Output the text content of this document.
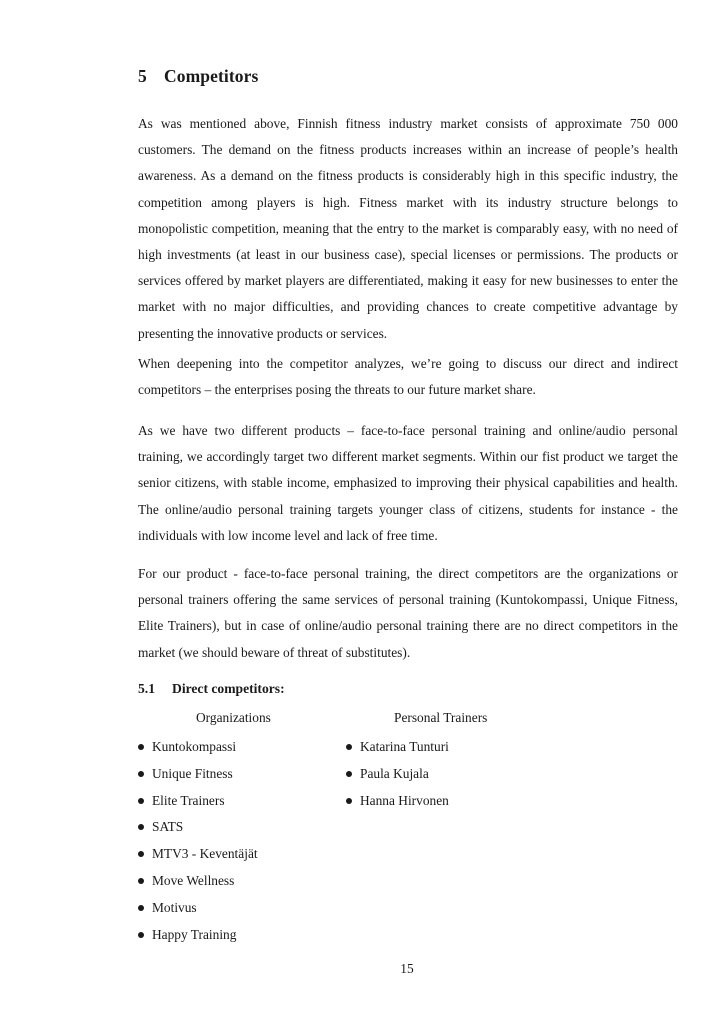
5 Competitors

As was mentioned above, Finnish fitness industry market consists of approximate 750 000 customers. The demand on the fitness products increases within an increase of people’s health awareness. As a demand on the fitness products is considerably high in this specific industry, the competition among players is high. Fitness market with its industry structure belongs to monopolistic competition, meaning that the entry to the market is comparably easy, with no need of high investments (at least in our business case), special licenses or permissions. The products or services offered by market players are differentiated, making it easy for new businesses to enter the market with no major difficulties, and providing chances to create competitive advantage by presenting the innovative products or services.

When deepening into the competitor analyzes, we’re going to discuss our direct and indirect competitors – the enterprises posing the threats to our future market share.

As we have two different products – face-to-face personal training and online/audio personal training, we accordingly target two different market segments. Within our fist product we target the senior citizens, with stable income, emphasized to improving their physical capabilities and health. The online/audio personal training targets younger class of citizens, students for instance - the individuals with low income level and lack of free time.

For our product - face-to-face personal training, the direct competitors are the organizations or personal trainers offering the same services of personal training (Kuntokompassi, Unique Fitness, Elite Trainers), but in case of online/audio personal training there are no direct competitors in the market (we should beware of threat of substitutes).

5.1 Direct competitors:
Organizations	Personal Trainers
Kuntokompassi
Unique Fitness
Elite Trainers
SATS
MTV3 - Keventäjät
Move Wellness
Motivus
Happy Training
Katarina Tunturi
Paula Kujala
Hanna Hirvonen
15
